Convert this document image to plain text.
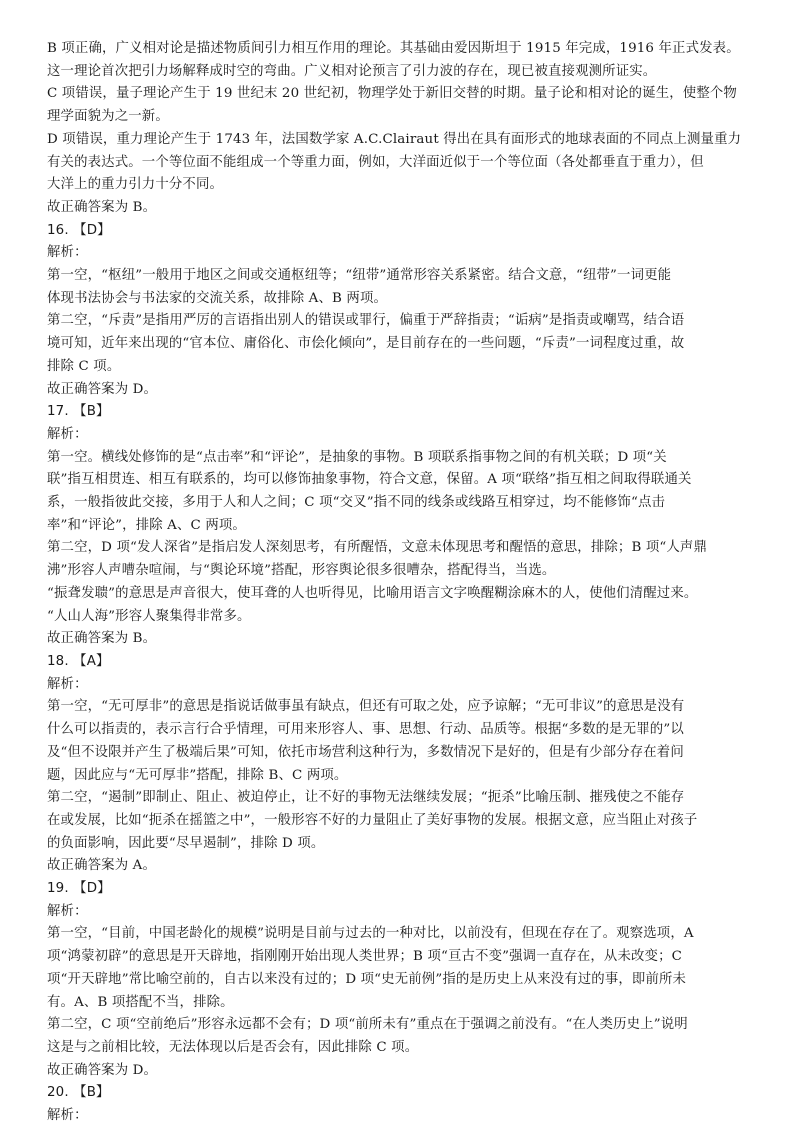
B 项正确，广义相对论是描述物质间引力相互作用的理论。其基础由爱因斯坦于 1915 年完成，1916 年正式发表。

这一理论首次把引力场解释成时空的弯曲。广义相对论预言了引力波的存在，现已被直接观测所证实。

C 项错误，量子理论产生于 19 世纪末 20 世纪初，物理学处于新旧交替的时期。量子论和相对论的诞生，使整个物

理学面貌为之一新。

D 项错误，重力理论产生于 1743 年，法国数学家 A.C.Clairaut 得出在具有面形式的地球表面的不同点上测量重力

有关的表达式。一个等位面不能组成一个等重力面，例如，大洋面近似于一个等位面（各处都垂直于重力），但

大洋上的重力引力十分不同。

故正确答案为 B。

16. 【D】

解析：

第一空，“枢纽”一般用于地区之间或交通枢纽等；“纽带”通常形容关系紧密。结合文意，“纽带”一词更能

体现书法协会与书法家的交流关系，故排除 A、B 两项。

第二空，“斥责”是指用严厉的言语指出别人的错误或罪行，偏重于严辞指责；“诟病”是指责或嘲骂，结合语

境可知，近年来出现的“官本位、庸俗化、市侩化倾向”，是目前存在的一些问题，“斥责”一词程度过重，故

排除 C 项。

故正确答案为 D。

17. 【B】

解析：

第一空。横线处修饰的是“点击率”和“评论”，是抽象的事物。B 项联系指事物之间的有机关联；D 项“关

联”指互相贯连、相互有联系的，均可以修饰抽象事物，符合文意，保留。A 项“联络”指互相之间取得联通关

系，一般指彼此交接，多用于人和人之间；C 项“交叉”指不同的线条或线路互相穿过，均不能修饰“点击

率”和“评论”，排除 A、C 两项。

第二空，D 项“发人深省”是指启发人深刻思考，有所醒悟，文意未体现思考和醒悟的意思，排除；B 项“人声鼎

沸”形容人声嘈杂喧闹，与“舆论环境”搭配，形容舆论很多很嘈杂，搭配得当，当选。

“振聋发聩”的意思是声音很大，使耳聋的人也听得见，比喻用语言文字唤醒糊涂麻木的人，使他们清醒过来。

“人山人海”形容人聚集得非常多。

故正确答案为 B。

18. 【A】

解析：

第一空，“无可厚非”的意思是指说话做事虽有缺点，但还有可取之处，应予谅解；“无可非议”的意思是没有

什么可以指责的，表示言行合乎情理，可用来形容人、事、思想、行动、品质等。根据“多数的是无罪的”以

及“但不设限并产生了极端后果”可知，依托市场营利这种行为，多数情况下是好的，但是有少部分存在着问

题，因此应与“无可厚非”搭配，排除 B、C 两项。

第二空，“遏制”即制止、阻止、被迫停止，让不好的事物无法继续发展；“扼杀”比喻压制、摧残使之不能存

在或发展，比如“扼杀在摇篮之中”，一般形容不好的力量阻止了美好事物的发展。根据文意，应当阻止对孩子

的负面影响，因此要“尽早遏制”，排除 D 项。

故正确答案为 A。

19. 【D】

解析：

第一空，“目前，中国老龄化的规模”说明是目前与过去的一种对比，以前没有，但现在存在了。观察选项，A

项“鸿蒙初辟”的意思是开天辟地，指刚刚开始出现人类世界；B 项“亘古不变”强调一直存在，从未改变；C

项“开天辟地”常比喻空前的，自古以来没有过的；D 项“史无前例”指的是历史上从来没有过的事，即前所未

有。A、B 项搭配不当，排除。

第二空，C 项“空前绝后”形容永远都不会有；D 项“前所未有”重点在于强调之前没有。“在人类历史上”说明

这是与之前相比较，无法体现以后是否会有，因此排除 C 项。

故正确答案为 D。

20. 【B】

解析：
